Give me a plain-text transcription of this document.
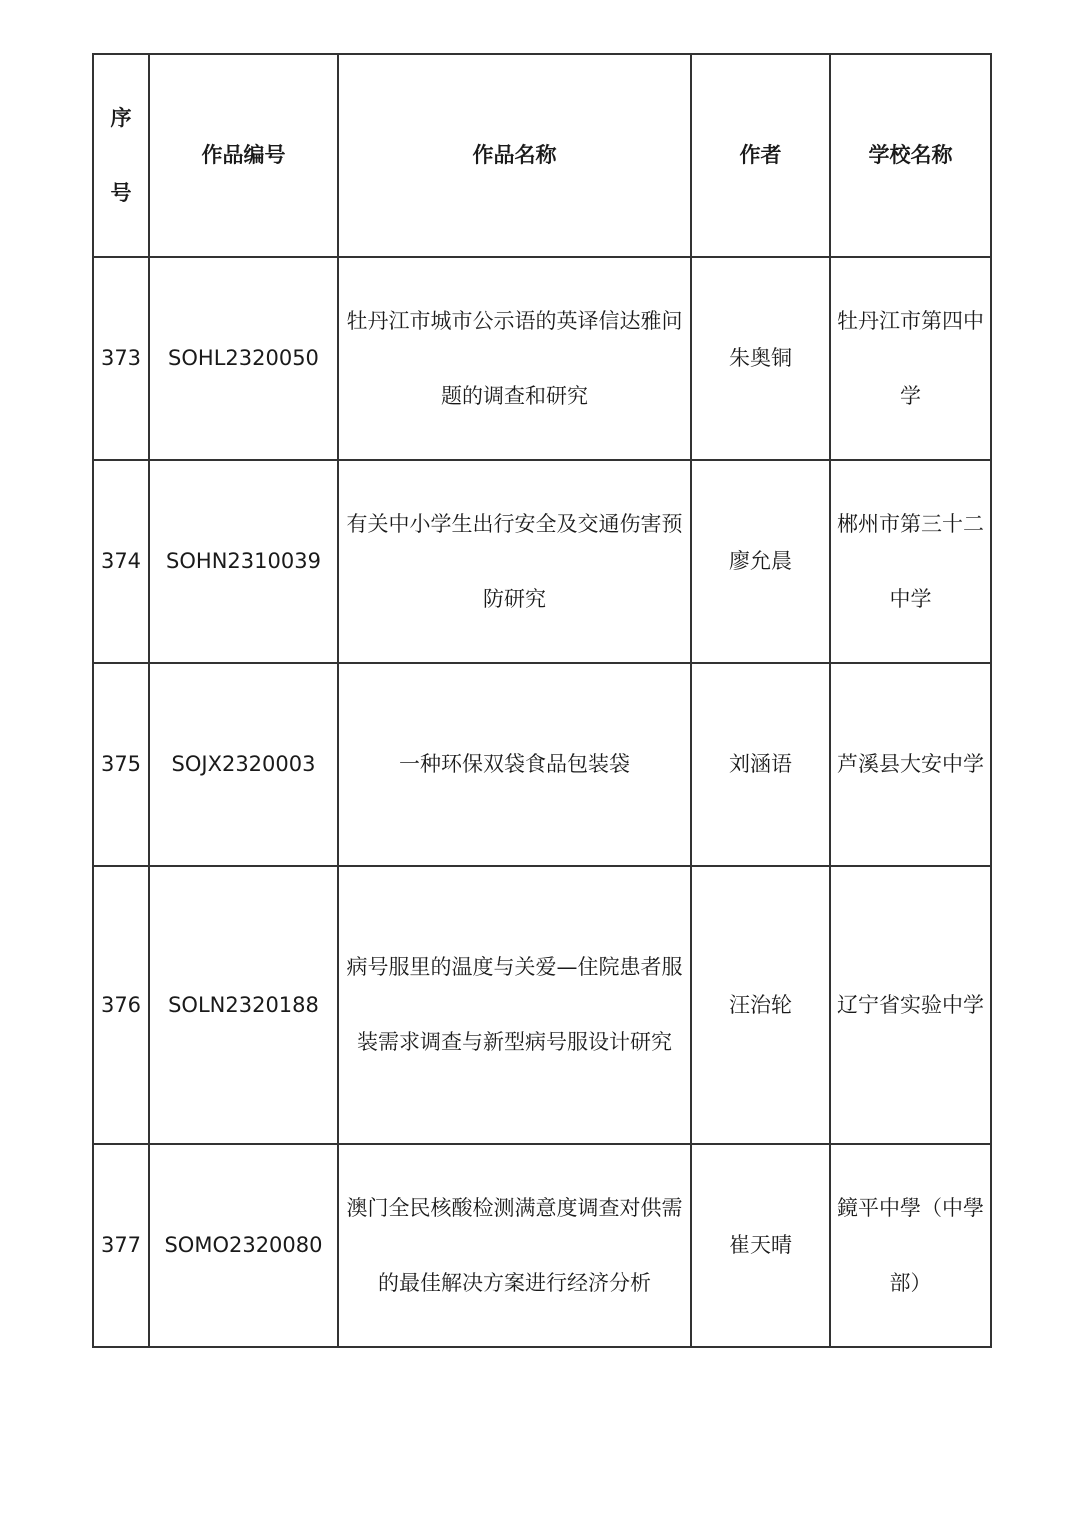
序号	作品编号	作品名称	作者	学校名称
373	SOHL2320050	牡丹江市城市公示语的英译信达雅问题的调查和研究	朱奥铜	牡丹江市第四中学
374	SOHN2310039	有关中小学生出行安全及交通伤害预防研究	廖允晨	郴州市第三十二中学
375	SOJX2320003	一种环保双袋食品包装袋	刘涵语	芦溪县大安中学
376	SOLN2320188	病号服里的温度与关爱—住院患者服装需求调查与新型病号服设计研究	汪治轮	辽宁省实验中学
377	SOMO2320080	澳门全民核酸检测满意度调查对供需的最佳解决方案进行经济分析	崔天晴	鏡平中學（中學部）
